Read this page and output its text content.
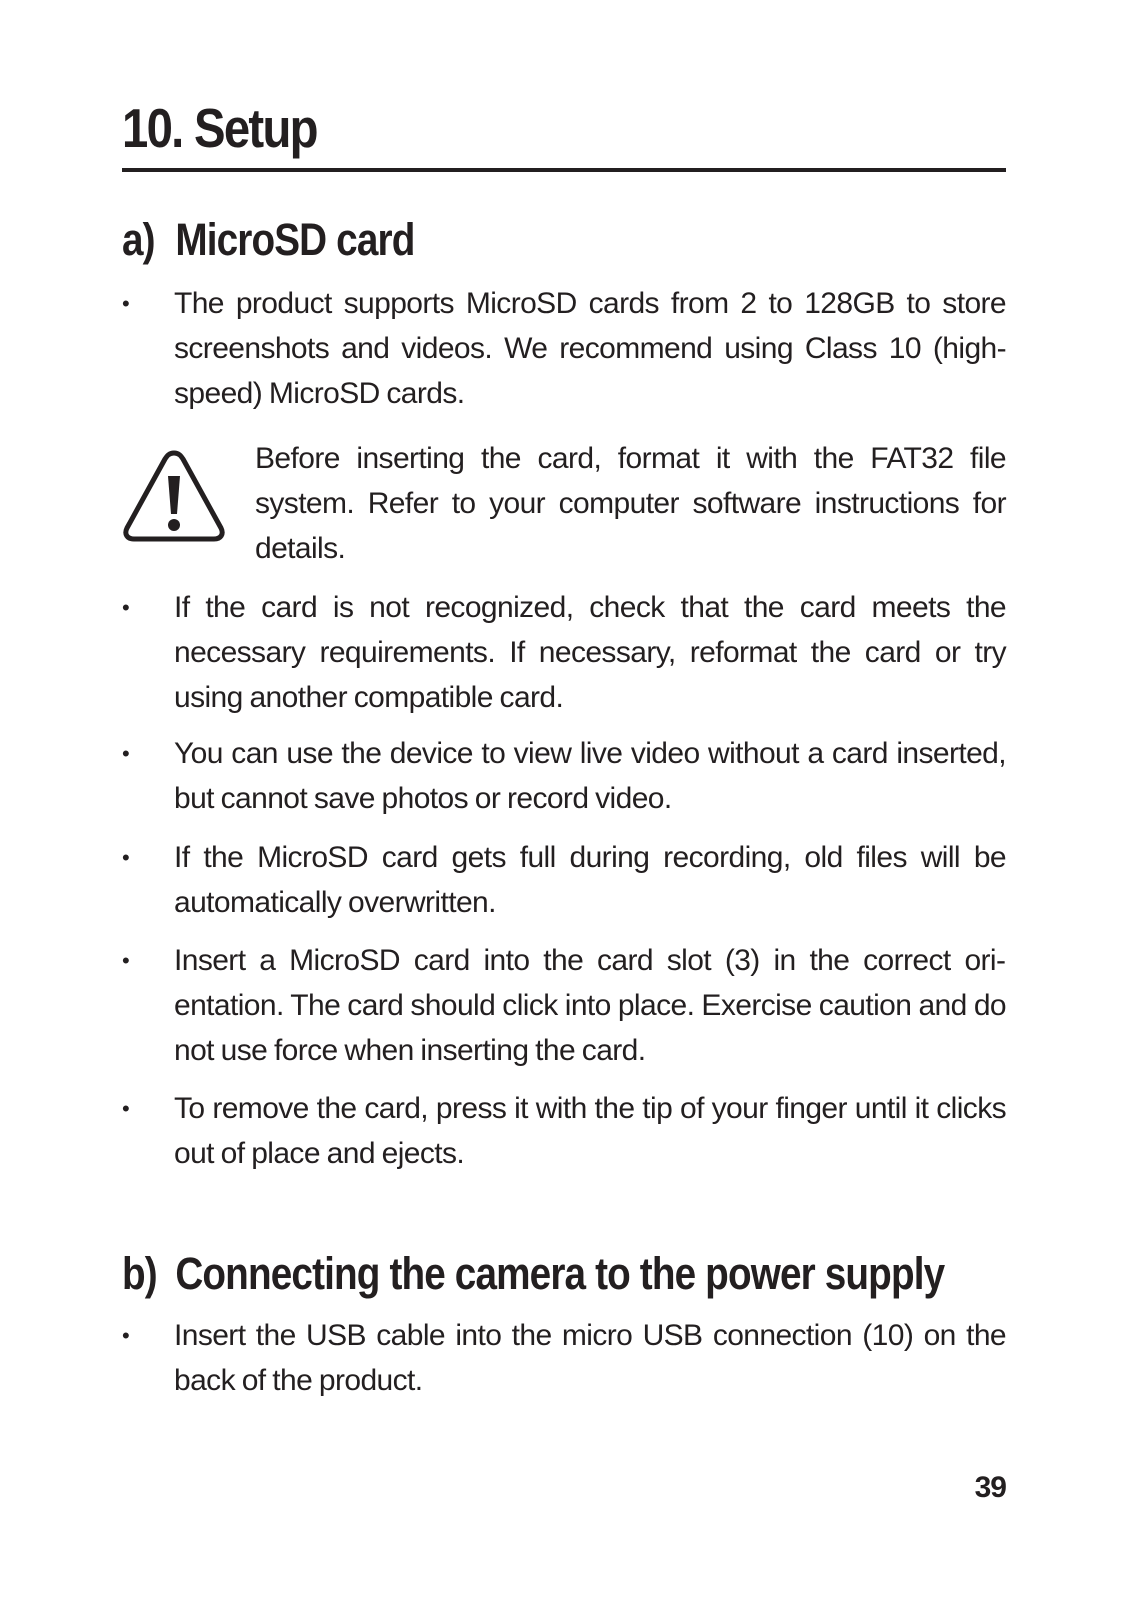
10. Setup
a) MicroSD card
•	The product supports MicroSD cards from 2 to 128GB to store screenshots and videos. We recommend using Class 10 (high-speed) MicroSD cards.
Before inserting the card, format it with the FAT32 file system. Refer to your computer software instructions for details.
•	If the card is not recognized, check that the card meets the necessary requirements. If necessary, reformat the card or try using another compatible card.
•	You can use the device to view live video without a card inserted, but cannot save photos or record video.
•	If the MicroSD card gets full during recording, old files will be automatically overwritten.
•	Insert a MicroSD card into the card slot (3) in the correct orientation. The card should click into place. Exercise caution and do not use force when inserting the card.
•	To remove the card, press it with the tip of your finger until it clicks out of place and ejects.
b) Connecting the camera to the power supply
•	Insert the USB cable into the micro USB connection (10) on the back of the product.
39
